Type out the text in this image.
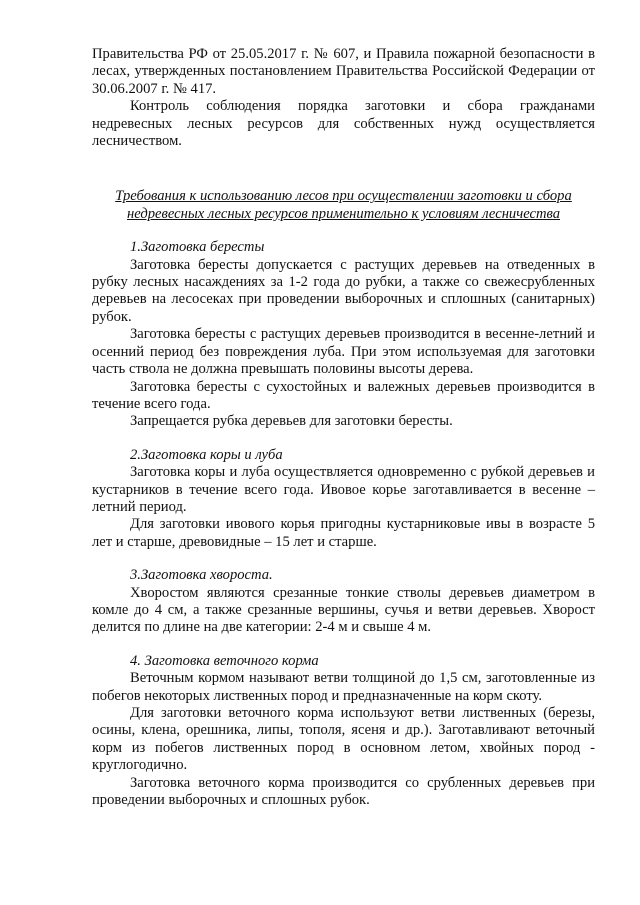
Правительства РФ от 25.05.2017 г. № 607, и Правила пожарной безопасности в лесах, утвержденных постановлением Правительства Российской Федерации от 30.06.2007 г. № 417.

Контроль соблюдения порядка заготовки и сбора гражданами недревесных лесных ресурсов для собственных нужд осуществляется лесничеством.

Требования к использованию лесов при осуществлении заготовки и сбора недревесных лесных ресурсов применительно к условиям лесничества

1.Заготовка бересты

Заготовка бересты допускается с растущих деревьев на отведенных в рубку лесных насаждениях за 1-2 года до рубки, а также со свежесрубленных деревьев на лесосеках при проведении выборочных и сплошных (санитарных) рубок.

Заготовка бересты с растущих деревьев производится в весенне-летний и осенний период без повреждения луба. При этом используемая для заготовки часть ствола не должна превышать половины высоты дерева.

Заготовка бересты с сухостойных и валежных деревьев производится в течение всего года.

Запрещается рубка деревьев для заготовки бересты.

2.Заготовка коры и луба

Заготовка коры и луба осуществляется одновременно с рубкой деревьев и кустарников в течение всего года. Ивовое корье заготавливается в весенне – летний период.

Для заготовки ивового корья пригодны кустарниковые ивы в возрасте 5 лет и старше, древовидные – 15 лет и старше.

3.Заготовка хвороста.

Хворостом являются срезанные тонкие стволы деревьев диаметром в комле до 4 см, а также срезанные вершины, сучья и ветви деревьев. Хворост делится по длине на две категории: 2-4 м и свыше 4 м.

4. Заготовка веточного корма

Веточным кормом называют ветви толщиной до 1,5 см, заготовленные из побегов некоторых лиственных пород и предназначенные на корм скоту.

Для заготовки веточного корма используют ветви лиственных (березы, осины, клена, орешника, липы, тополя, ясеня и др.). Заготавливают веточный корм из побегов лиственных пород в основном летом, хвойных пород - круглогодично.

Заготовка веточного корма производится со срубленных деревьев при проведении выборочных и сплошных рубок.
